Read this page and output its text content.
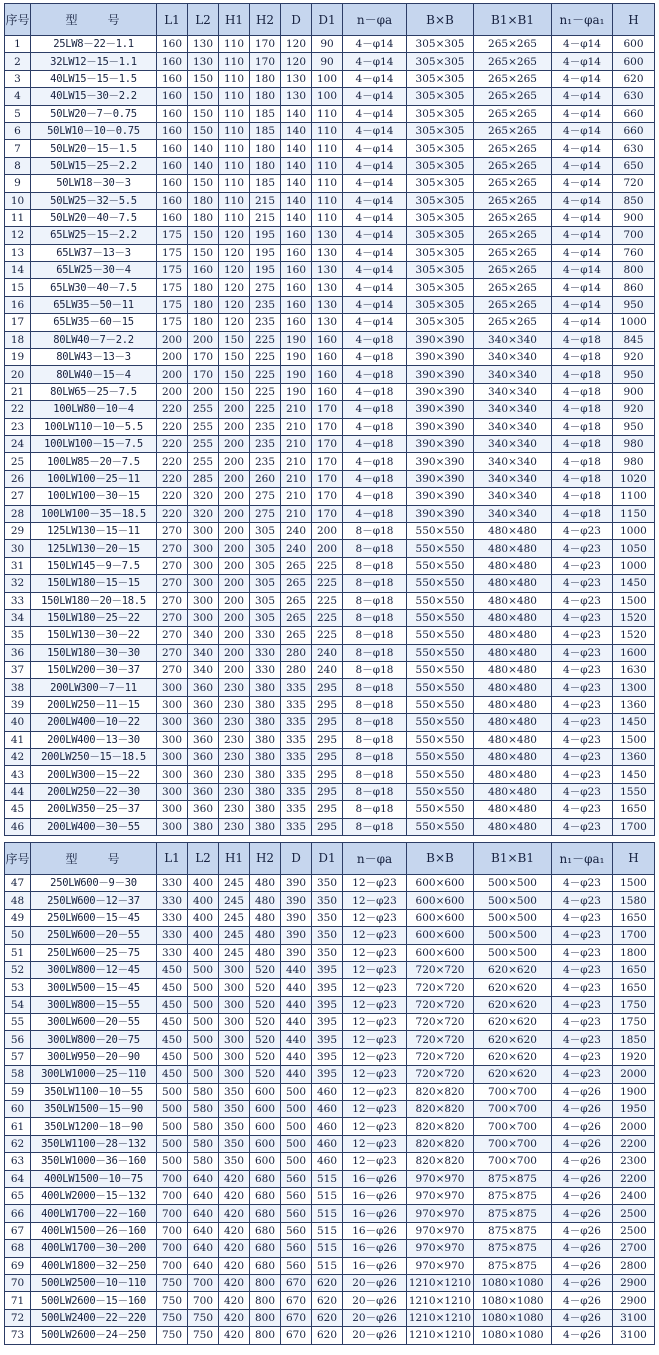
序号	型　　号	L1	L2	H1	H2	D	D1	n－φa	B×B	B1×B1	n₁－φa₁	H
1	25LW8－22－1.1	160	130	110	170	120	90	4－φ14	305×305	265×265	4－φ14	600
2	32LW12－15－1.1	160	130	110	170	120	90	4－φ14	305×305	265×265	4－φ14	600
3	40LW15－15－1.5	160	150	110	180	130	100	4－φ14	305×305	265×265	4－φ14	620
4	40LW15－30－2.2	160	150	110	180	130	100	4－φ14	305×305	265×265	4－φ14	630
5	50LW20－7－0.75	160	150	110	185	140	110	4－φ14	305×305	265×265	4－φ14	660
6	50LW10－10－0.75	160	150	110	185	140	110	4－φ14	305×305	265×265	4－φ14	660
7	50LW20－15－1.5	160	140	110	180	140	110	4－φ14	305×305	265×265	4－φ14	630
8	50LW15－25－2.2	160	140	110	180	140	110	4－φ14	305×305	265×265	4－φ14	650
9	50LW18－30－3	160	150	110	185	140	110	4－φ14	305×305	265×265	4－φ14	720
10	50LW25－32－5.5	160	180	110	215	140	110	4－φ14	305×305	265×265	4－φ14	850
11	50LW20－40－7.5	160	180	110	215	140	110	4－φ14	305×305	265×265	4－φ14	900
12	65LW25－15－2.2	175	150	120	195	160	130	4－φ14	305×305	265×265	4－φ14	700
13	65LW37－13－3	175	150	120	195	160	130	4－φ14	305×305	265×265	4－φ14	760
14	65LW25－30－4	175	160	120	195	160	130	4－φ14	305×305	265×265	4－φ14	800
15	65LW30－40－7.5	175	180	120	275	160	130	4－φ14	305×305	265×265	4－φ14	860
16	65LW35－50－11	175	180	120	235	160	130	4－φ14	305×305	265×265	4－φ14	950
17	65LW35－60－15	175	180	120	235	160	130	4－φ14	305×305	265×265	4－φ14	1000
18	80LW40－7－2.2	200	200	150	225	190	160	4－φ18	390×390	340×340	4－φ18	845
19	80LW43－13－3	200	170	150	225	190	160	4－φ18	390×390	340×340	4－φ18	920
20	80LW40－15－4	200	170	150	225	190	160	4－φ18	390×390	340×340	4－φ18	950
21	80LW65－25－7.5	200	200	150	225	190	160	4－φ18	390×390	340×340	4－φ18	900
22	100LW80－10－4	220	255	200	225	210	170	4－φ18	390×390	340×340	4－φ18	920
23	100LW110－10－5.5	220	255	200	235	210	170	4－φ18	390×390	340×340	4－φ18	950
24	100LW100－15－7.5	220	255	200	235	210	170	4－φ18	390×390	340×340	4－φ18	980
25	100LW85－20－7.5	220	255	200	235	210	170	4－φ18	390×390	340×340	4－φ18	980
26	100LW100－25－11	220	285	200	260	210	170	4－φ18	390×390	340×340	4－φ18	1020
27	100LW100－30－15	220	320	200	275	210	170	4－φ18	390×390	340×340	4－φ18	1100
28	100LW100－35－18.5	220	320	200	275	210	170	4－φ18	390×390	340×340	4－φ18	1150
29	125LW130－15－11	270	300	200	305	240	200	8－φ18	550×550	480×480	4－φ23	1000
30	125LW130－20－15	270	300	200	305	240	200	8－φ18	550×550	480×480	4－φ23	1050
31	150LW145－9－7.5	270	300	200	305	265	225	8－φ18	550×550	480×480	4－φ23	1000
32	150LW180－15－15	270	300	200	305	265	225	8－φ18	550×550	480×480	4－φ23	1450
33	150LW180－20－18.5	270	300	200	305	265	225	8－φ18	550×550	480×480	4－φ23	1500
34	150LW180－25－22	270	300	200	305	265	225	8－φ18	550×550	480×480	4－φ23	1520
35	150LW130－30－22	270	340	200	330	265	225	8－φ18	550×550	480×480	4－φ23	1520
36	150LW180－30－30	270	340	200	330	280	240	8－φ18	550×550	480×480	4－φ23	1600
37	150LW200－30－37	270	340	200	330	280	240	8－φ18	550×550	480×480	4－φ23	1630
38	200LW300－7－11	300	360	230	380	335	295	8－φ18	550×550	480×480	4－φ23	1300
39	200LW250－11－15	300	360	230	380	335	295	8－φ18	550×550	480×480	4－φ23	1360
40	200LW400－10－22	300	360	230	380	335	295	8－φ18	550×550	480×480	4－φ23	1450
41	200LW400－13－30	300	360	230	380	335	295	8－φ18	550×550	480×480	4－φ23	1500
42	200LW250－15－18.5	300	360	230	380	335	295	8－φ18	550×550	480×480	4－φ23	1360
43	200LW300－15－22	300	360	230	380	335	295	8－φ18	550×550	480×480	4－φ23	1450
44	200LW250－22－30	300	360	230	380	335	295	8－φ18	550×550	480×480	4－φ23	1550
45	200LW350－25－37	300	360	230	380	335	295	8－φ18	550×550	480×480	4－φ23	1650
46	200LW400－30－55	300	380	230	380	335	295	8－φ18	550×550	480×480	4－φ23	1700
序号	型　　号	L1	L2	H1	H2	D	D1	n－φa	B×B	B1×B1	n₁－φa₁	H
47	250LW600－9－30	330	400	245	480	390	350	12－φ23	600×600	500×500	4－φ23	1500
48	250LW600－12－37	330	400	245	480	390	350	12－φ23	600×600	500×500	4－φ23	1580
49	250LW600－15－45	330	400	245	480	390	350	12－φ23	600×600	500×500	4－φ23	1650
50	250LW600－20－55	330	400	245	480	390	350	12－φ23	600×600	500×500	4－φ23	1700
51	250LW600－25－75	330	400	245	480	390	350	12－φ23	600×600	500×500	4－φ23	1800
52	300LW800－12－45	450	500	300	520	440	395	12－φ23	720×720	620×620	4－φ23	1650
53	300LW500－15－45	450	500	300	520	440	395	12－φ23	720×720	620×620	4－φ23	1650
54	300LW800－15－55	450	500	300	520	440	395	12－φ23	720×720	620×620	4－φ23	1750
55	300LW600－20－55	450	500	300	520	440	395	12－φ23	720×720	620×620	4－φ23	1750
56	300LW800－20－75	450	500	300	520	440	395	12－φ23	720×720	620×620	4－φ23	1850
57	300LW950－20－90	450	500	300	520	440	395	12－φ23	720×720	620×620	4－φ23	1920
58	300LW1000－25－110	450	500	300	520	440	395	12－φ23	720×720	620×620	4－φ23	2000
59	350LW1100－10－55	500	580	350	600	500	460	12－φ23	820×820	700×700	4－φ26	1900
60	350LW1500－15－90	500	580	350	600	500	460	12－φ23	820×820	700×700	4－φ26	1950
61	350LW1200－18－90	500	580	350	600	500	460	12－φ23	820×820	700×700	4－φ26	2000
62	350LW1100－28－132	500	580	350	600	500	460	12－φ23	820×820	700×700	4－φ26	2200
63	350LW1000－36－160	500	580	350	600	500	460	12－φ23	820×820	700×700	4－φ26	2300
64	400LW1500－10－75	700	640	420	680	560	515	16－φ26	970×970	875×875	4－φ26	2200
65	400LW2000－15－132	700	640	420	680	560	515	16－φ26	970×970	875×875	4－φ26	2400
66	400LW1700－22－160	700	640	420	680	560	515	16－φ26	970×970	875×875	4－φ26	2500
67	400LW1500－26－160	700	640	420	680	560	515	16－φ26	970×970	875×875	4－φ26	2500
68	400LW1700－30－200	700	640	420	680	560	515	16－φ26	970×970	875×875	4－φ26	2700
69	400LW1800－32－250	700	640	420	680	560	515	16－φ26	970×970	875×875	4－φ26	2800
70	500LW2500－10－110	750	700	420	800	670	620	20－φ26	1210×1210	1080×1080	4－φ26	2900
71	500LW2600－15－160	750	700	420	800	670	620	20－φ26	1210×1210	1080×1080	4－φ26	2900
72	500LW2400－22－220	750	750	420	800	670	620	20－φ26	1210×1210	1080×1080	4－φ26	3100
73	500LW2600－24－250	750	750	420	800	670	620	20－φ26	1210×1210	1080×1080	4－φ26	3100
